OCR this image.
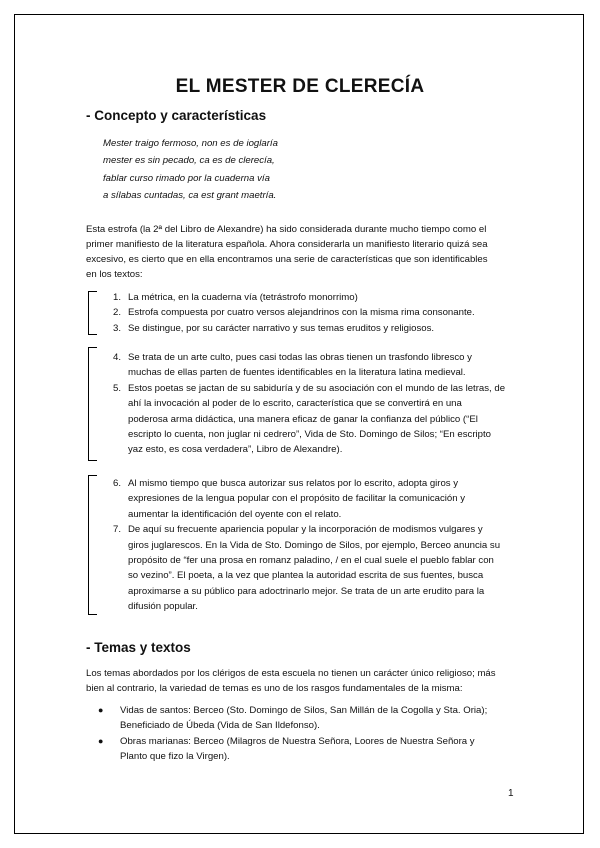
EL MESTER DE CLERECÍA
- Concepto y características
Mester traigo fermoso, non es de ioglaría
mester es sin pecado, ca es de clerecía,
fablar curso rimado por la cuaderna vía
a sílabas cuntadas, ca est grant maetría.
Esta estrofa (la 2ª del Libro de Alexandre) ha sido considerada durante mucho tiempo como el
primer manifiesto de la literatura española. Ahora considerarla un manifiesto literario quizá sea
excesivo, es cierto que en ella encontramos una serie de características que son identificables
en los textos:
1. La métrica, en la cuaderna vía (tetrástrofo monorrimo)
2. Estrofa compuesta por cuatro versos alejandrinos con la misma rima consonante.
3. Se distingue, por su carácter narrativo y sus temas eruditos y religiosos.
4. Se trata de un arte culto, pues casi todas las obras tienen un trasfondo libresco y
muchas de ellas parten de fuentes identificables en la literatura latina medieval.
5. Estos poetas se jactan de su sabiduría y de su asociación con el mundo de las letras, de
ahí la invocación al poder de lo escrito, característica que se convertirá en una
poderosa arma didáctica, una manera eficaz de ganar la confianza del público (“El
escripto lo cuenta, non juglar ni cedrero”, Vida de Sto. Domingo de Silos; “En escripto
yaz esto, es cosa verdadera”, Libro de Alexandre).
6. Al mismo tiempo que busca autorizar sus relatos por lo escrito, adopta giros y
expresiones de la lengua popular con el propósito de facilitar la comunicación y
aumentar la identificación del oyente con el relato.
7. De aquí su frecuente apariencia popular y la incorporación de modismos vulgares y
giros juglarescos. En la Vida de Sto. Domingo de Silos, por ejemplo, Berceo anuncia su
propósito de “fer una prosa en romanz paladino, / en el cual suele el pueblo fablar con
so vezino”. El poeta, a la vez que plantea la autoridad escrita de sus fuentes, busca
aproximarse a su público para adoctrinarlo mejor. Se trata de un arte erudito para la
difusión popular.
- Temas y textos
Los temas abordados por los clérigos de esta escuela no tienen un carácter único religioso; más
bien al contrario, la variedad de temas es uno de los rasgos fundamentales de la misma:
●	Vidas de santos: Berceo (Sto. Domingo de Silos, San Millán de la Cogolla y Sta. Oria);
Beneficiado de Úbeda (Vida de San Ildefonso).
●	Obras marianas: Berceo (Milagros de Nuestra Señora, Loores de Nuestra Señora y
Planto que fizo la Virgen).
1
